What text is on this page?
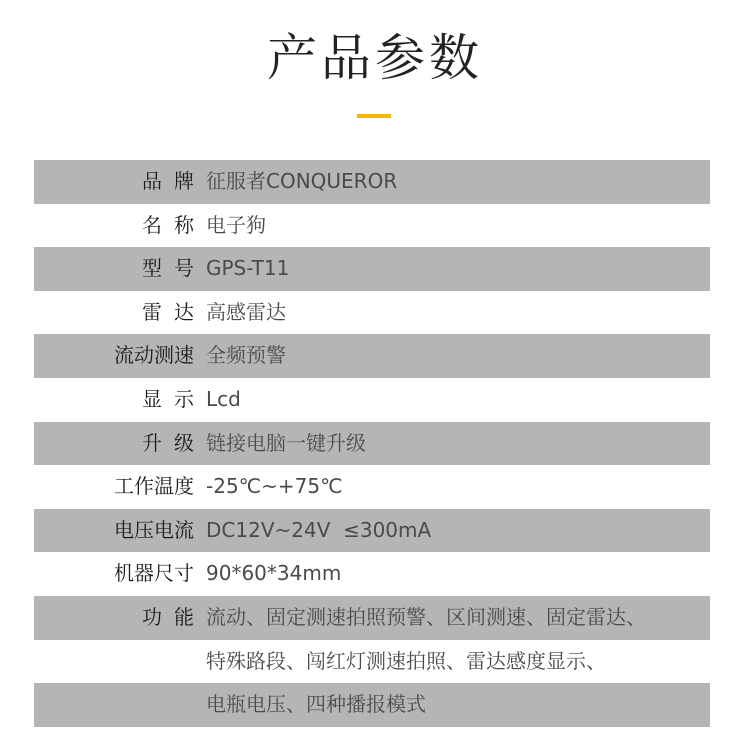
产品参数
品牌 征服者CONQUEROR
名称 电子狗
型号 GPS-T11
雷达 高感雷达
流动测速 全频预警
显示 Lcd
升级 链接电脑一键升级
工作温度 -25℃~+75℃
电压电流 DC12V~24V  ≤300mA
机器尺寸 90*60*34mm
功能 流动、固定测速拍照预警、区间测速、固定雷达、
特殊路段、闯红灯测速拍照、雷达感度显示、
电瓶电压、四种播报模式
